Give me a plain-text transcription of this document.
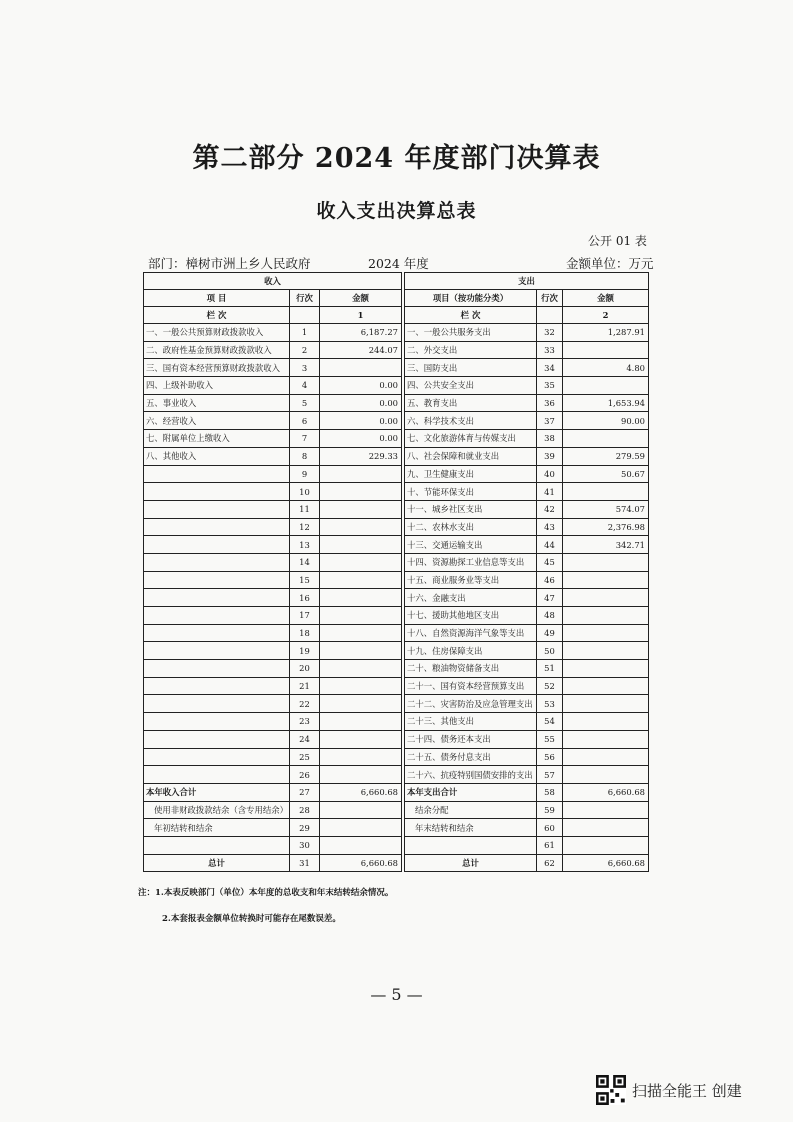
第二部分 2024 年度部门决算表
收入支出决算总表
公开 01 表
部门：樟树市洲上乡人民政府	2024 年度	金额单位：万元
收入				支出		
项 目	行次	金额		项目（按功能分类）	行次	金额
栏 次		1		栏 次		2
一、一般公共预算财政拨款收入	1	6,187.27		一、一般公共服务支出	32	1,287.91
二、政府性基金预算财政拨款收入	2	244.07		二、外交支出	33	
三、国有资本经营预算财政拨款收入	3			三、国防支出	34	4.80
四、上级补助收入	4	0.00		四、公共安全支出	35	
五、事业收入	5	0.00		五、教育支出	36	1,653.94
六、经营收入	6	0.00		六、科学技术支出	37	90.00
七、附属单位上缴收入	7	0.00		七、文化旅游体育与传媒支出	38	
八、其他收入	8	229.33		八、社会保障和就业支出	39	279.59
	9			九、卫生健康支出	40	50.67
	10			十、节能环保支出	41	
	11			十一、城乡社区支出	42	574.07
	12			十二、农林水支出	43	2,376.98
	13			十三、交通运输支出	44	342.71
	14			十四、资源勘探工业信息等支出	45	
	15			十五、商业服务业等支出	46	
	16			十六、金融支出	47	
	17			十七、援助其他地区支出	48	
	18			十八、自然资源海洋气象等支出	49	
	19			十九、住房保障支出	50	
	20			二十、粮油物资储备支出	51	
	21			二十一、国有资本经营预算支出	52	
	22			二十二、灾害防治及应急管理支出	53	
	23			二十三、其他支出	54	
	24			二十四、债务还本支出	55	
	25			二十五、债务付息支出	56	
	26			二十六、抗疫特别国债安排的支出	57	
本年收入合计	27	6,660.68		本年支出合计	58	6,660.68
使用非财政拨款结余（含专用结余）	28			结余分配	59	
年初结转和结余	29			年末结转和结余	60	
	30				61	
总计	31	6,660.68		总计	62	6,660.68
注：1.本表反映部门（单位）本年度的总收支和年末结转结余情况。
2.本套报表金额单位转换时可能存在尾数误差。
— 5 —
扫描全能王 创建
